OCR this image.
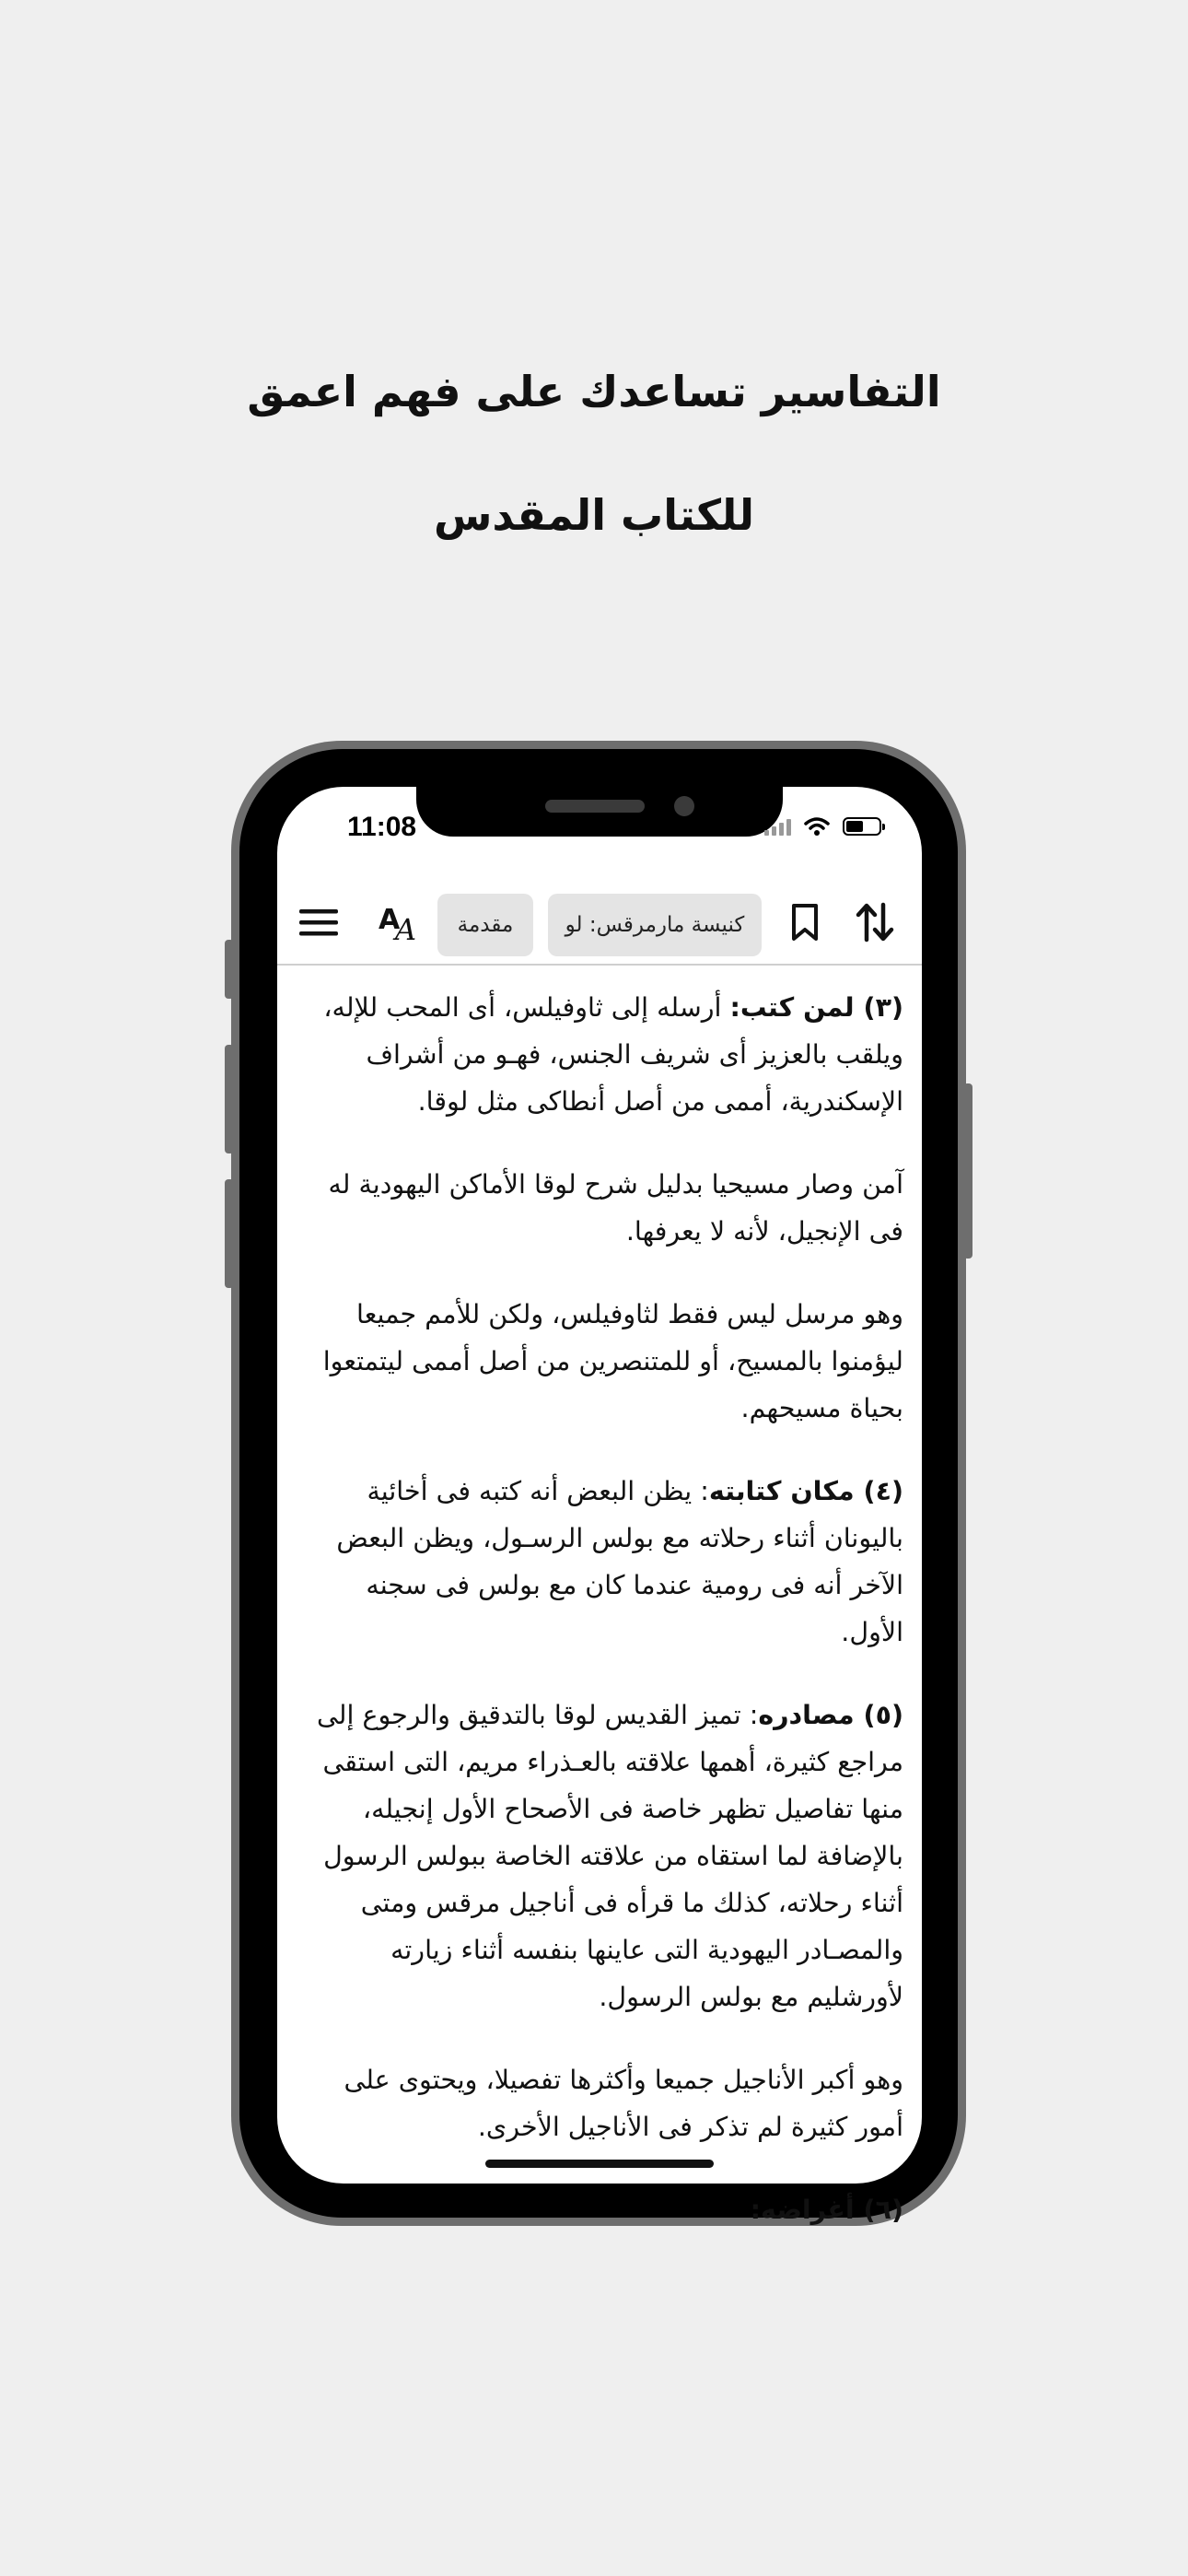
التفاسير تساعدك على فهم اعمق
للكتاب المقدس
11:08
A
A	مقدمة	كنيسة مارمرقس: لو

(٣) لمن كتب: أرسله إلى ثاوفيلس، أى المحب للإله، ويلقب بالعزيز أى شريف الجنس، فهـو من أشراف الإسكندرية، أممى من أصل أنطاكى مثل لوقا.

آمن وصار مسيحيا بدليل شرح لوقا الأماكن اليهودية له فى الإنجيل، لأنه لا يعرفها.

وهو مرسل ليس فقط لثاوفيلس، ولكن للأمم جميعا ليؤمنوا بالمسيح، أو للمتنصرين من أصل أممى ليتمتعوا بحياة مسيحهم.

(٤) مكان كتابته: يظن البعض أنه كتبه فى أخائية باليونان أثناء رحلاته مع بولس الرسـول، ويظن البعض الآخر أنه فى رومية عندما كان مع بولس فى سجنه الأول.

(٥) مصادره: تميز القديس لوقا بالتدقيق والرجوع إلى مراجع كثيرة، أهمها علاقته بالعـذراء مريم، التى استقى منها تفاصيل تظهر خاصة فى الأصحاح الأول إنجيله، بالإضافة لما استقاه من علاقته الخاصة ببولس الرسول أثناء رحلاته، كذلك ما قرأه فى أناجيل مرقس ومتى والمصـادر اليهودية التى عاينها بنفسه أثناء زيارته لأورشليم مع بولس الرسول.

وهو أكبر الأناجيل جميعا وأكثرها تفصيلا، ويحتوى على أمور كثيرة لم تذكر فى الأناجيل الأخرى.

(٦) أغراضه:
